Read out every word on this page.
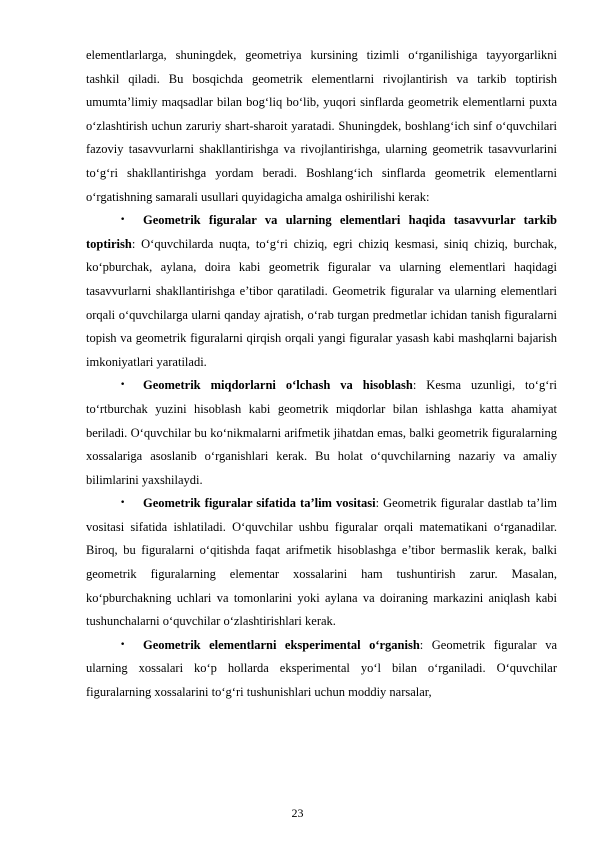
elementlarlarga, shuningdek, geometriya kursining tizimli o‘rganilishiga tayyorgarlikni tashkil qiladi. Bu bosqichda geometrik elementlarni rivojlantirish va tarkib toptirish umumta’limiy maqsadlar bilan bog‘liq bo‘lib, yuqori sinflarda geometrik elementlarni puxta o‘zlashtirish uchun zaruriy shart-sharoit yaratadi. Shuningdek, boshlang‘ich sinf o‘quvchilari fazoviy tasavvurlarni shakllantirishga va rivojlantirishga, ularning geometrik tasavvurlarini to‘g‘ri shakllantirishga yordam beradi. Boshlang‘ich sinflarda geometrik elementlarni o‘rgatishning samarali usullari quyidagicha amalga oshirilishi kerak:

• Geometrik figuralar va ularning elementlari haqida tasavvurlar tarkib toptirish: O‘quvchilarda nuqta, to‘g‘ri chiziq, egri chiziq kesmasi, siniq chiziq, burchak, ko‘pburchak, aylana, doira kabi geometrik figuralar va ularning elementlari haqidagi tasavvurlarni shakllantirishga e’tibor qaratiladi. Geometrik figuralar va ularning elementlari orqali o‘quvchilarga ularni qanday ajratish, o‘rab turgan predmetlar ichidan tanish figuralarni topish va geometrik figuralarni qirqish orqali yangi figuralar yasash kabi mashqlarni bajarish imkoniyatlari yaratiladi.

• Geometrik miqdorlarni o‘lchash va hisoblash: Kesma uzunligi, to‘g‘ri to‘rtburchak yuzini hisoblash kabi geometrik miqdorlar bilan ishlashga katta ahamiyat beriladi. O‘quvchilar bu ko‘nikmalarni arifmetik jihatdan emas, balki geometrik figuralarning xossalariga asoslanib o‘rganishlari kerak. Bu holat o‘quvchilarning nazariy va amaliy bilimlarini yaxshilaydi.

• Geometrik figuralar sifatida ta’lim vositasi: Geometrik figuralar dastlab ta’lim vositasi sifatida ishlatiladi. O‘quvchilar ushbu figuralar orqali matematikani o‘rganadilar. Biroq, bu figuralarni o‘qitishda faqat arifmetik hisoblashga e’tibor bermaslik kerak, balki geometrik figuralarning elementar xossalarini ham tushuntirish zarur. Masalan, ko‘pburchakning uchlari va tomonlarini yoki aylana va doiraning markazini aniqlash kabi tushunchalarni o‘quvchilar o‘zlashtirishlari kerak.

• Geometrik elementlarni eksperimental o‘rganish: Geometrik figuralar va ularning xossalari ko‘p hollarda eksperimental yo‘l bilan o‘rganiladi. O‘quvchilar figuralarning xossalarini to‘g‘ri tushunishlari uchun moddiy narsalar,

23
